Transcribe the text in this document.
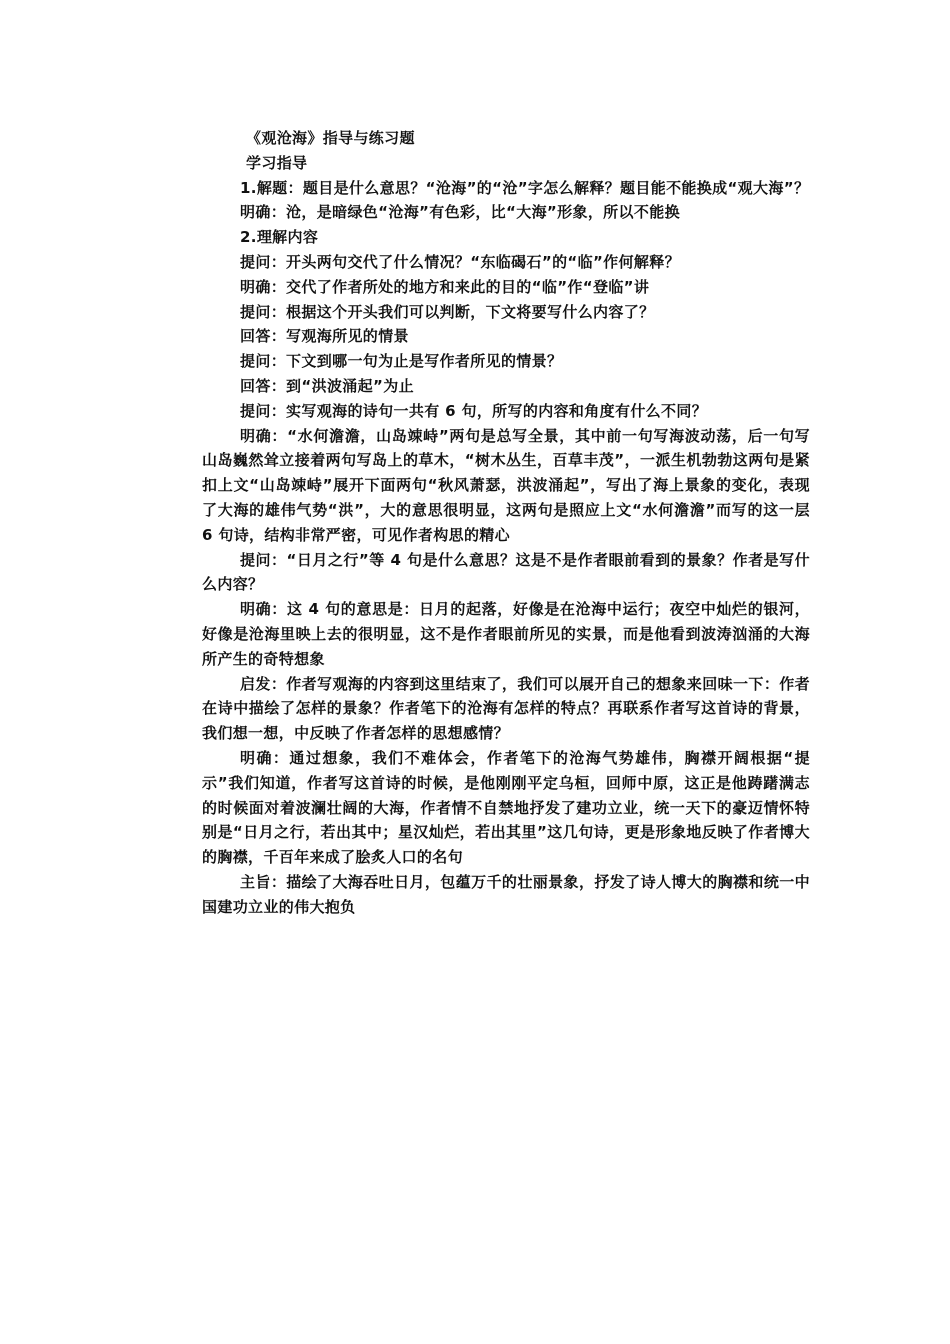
《观沧海》指导与练习题

学习指导

1.解题：题目是什么意思？“沧海”的“沧”字怎么解释？题目能不能换成“观大海”？

明确：沧，是暗绿色“沧海”有色彩，比“大海”形象，所以不能换

2.理解内容

提问：开头两句交代了什么情况？“东临碣石”的“临”作何解释？

明确：交代了作者所处的地方和来此的目的“临”作“登临”讲

提问：根据这个开头我们可以判断，下文将要写什么内容了？

回答：写观海所见的情景

提问：下文到哪一句为止是写作者所见的情景？

回答：到“洪波涌起”为止

提问：实写观海的诗句一共有 6 句，所写的内容和角度有什么不同？

明确：“水何澹澹，山岛竦峙”两句是总写全景，其中前一句写海波动荡，后一句写山岛巍然耸立接着两句写岛上的草木，“树木丛生，百草丰茂”，一派生机勃勃这两句是紧扣上文“山岛竦峙”展开下面两句“秋风萧瑟，洪波涌起”，写出了海上景象的变化，表现了大海的雄伟气势“洪”，大的意思很明显，这两句是照应上文“水何澹澹”而写的这一层 6 句诗，结构非常严密，可见作者构思的精心

提问：“日月之行”等 4 句是什么意思？这是不是作者眼前看到的景象？作者是写什么内容？

明确：这 4 句的意思是：日月的起落，好像是在沧海中运行；夜空中灿烂的银河，好像是沧海里映上去的很明显，这不是作者眼前所见的实景，而是他看到波涛汹涌的大海所产生的奇特想象

启发：作者写观海的内容到这里结束了，我们可以展开自己的想象来回味一下：作者在诗中描绘了怎样的景象？作者笔下的沧海有怎样的特点？再联系作者写这首诗的背景，我们想一想，中反映了作者怎样的思想感情？

明确：通过想象，我们不难体会，作者笔下的沧海气势雄伟，胸襟开阔根据“提示”我们知道，作者写这首诗的时候，是他刚刚平定乌桓，回师中原，这正是他踌躇满志的时候面对着波澜壮阔的大海，作者情不自禁地抒发了建功立业，统一天下的豪迈情怀特别是“日月之行，若出其中；星汉灿烂，若出其里”这几句诗，更是形象地反映了作者博大的胸襟，千百年来成了脍炙人口的名句

主旨：描绘了大海吞吐日月，包蕴万千的壮丽景象，抒发了诗人博大的胸襟和统一中国建功立业的伟大抱负
